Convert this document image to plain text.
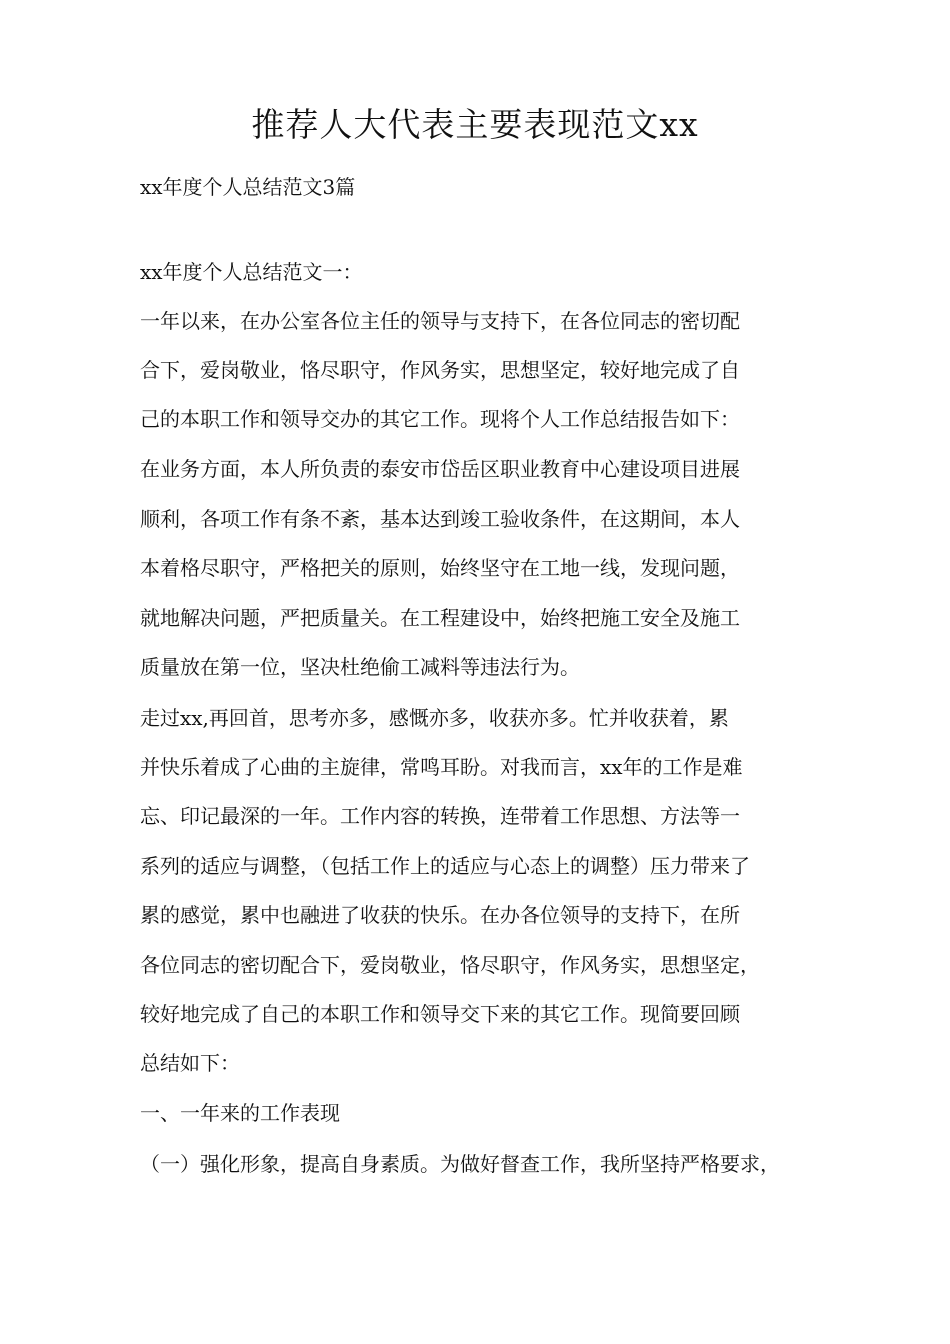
推荐人大代表主要表现范文xx
xx年度个人总结范文3篇
xx年度个人总结范文一：
一年以来，在办公室各位主任的领导与支持下，在各位同志的密切配
合下，爱岗敬业，恪尽职守，作风务实，思想坚定，较好地完成了自
己的本职工作和领导交办的其它工作。现将个人工作总结报告如下：
在业务方面，本人所负责的泰安市岱岳区职业教育中心建设项目进展
顺利，各项工作有条不紊，基本达到竣工验收条件，在这期间，本人
本着格尽职守，严格把关的原则，始终坚守在工地一线，发现问题，
就地解决问题，严把质量关。在工程建设中，始终把施工安全及施工
质量放在第一位，坚决杜绝偷工减料等违法行为。
走过xx,再回首，思考亦多，感慨亦多，收获亦多。忙并收获着，累
并快乐着成了心曲的主旋律，常鸣耳盼。对我而言，xx年的工作是难
忘、印记最深的一年。工作内容的转换，连带着工作思想、方法等一
系列的适应与调整，（包括工作上的适应与心态上的调整）压力带来了
累的感觉，累中也融进了收获的快乐。在办各位领导的支持下，在所
各位同志的密切配合下，爱岗敬业，恪尽职守，作风务实，思想坚定，
较好地完成了自己的本职工作和领导交下来的其它工作。现简要回顾
总结如下：
一、一年来的工作表现
（一）强化形象，提高自身素质。为做好督查工作，我所坚持严格要求，
